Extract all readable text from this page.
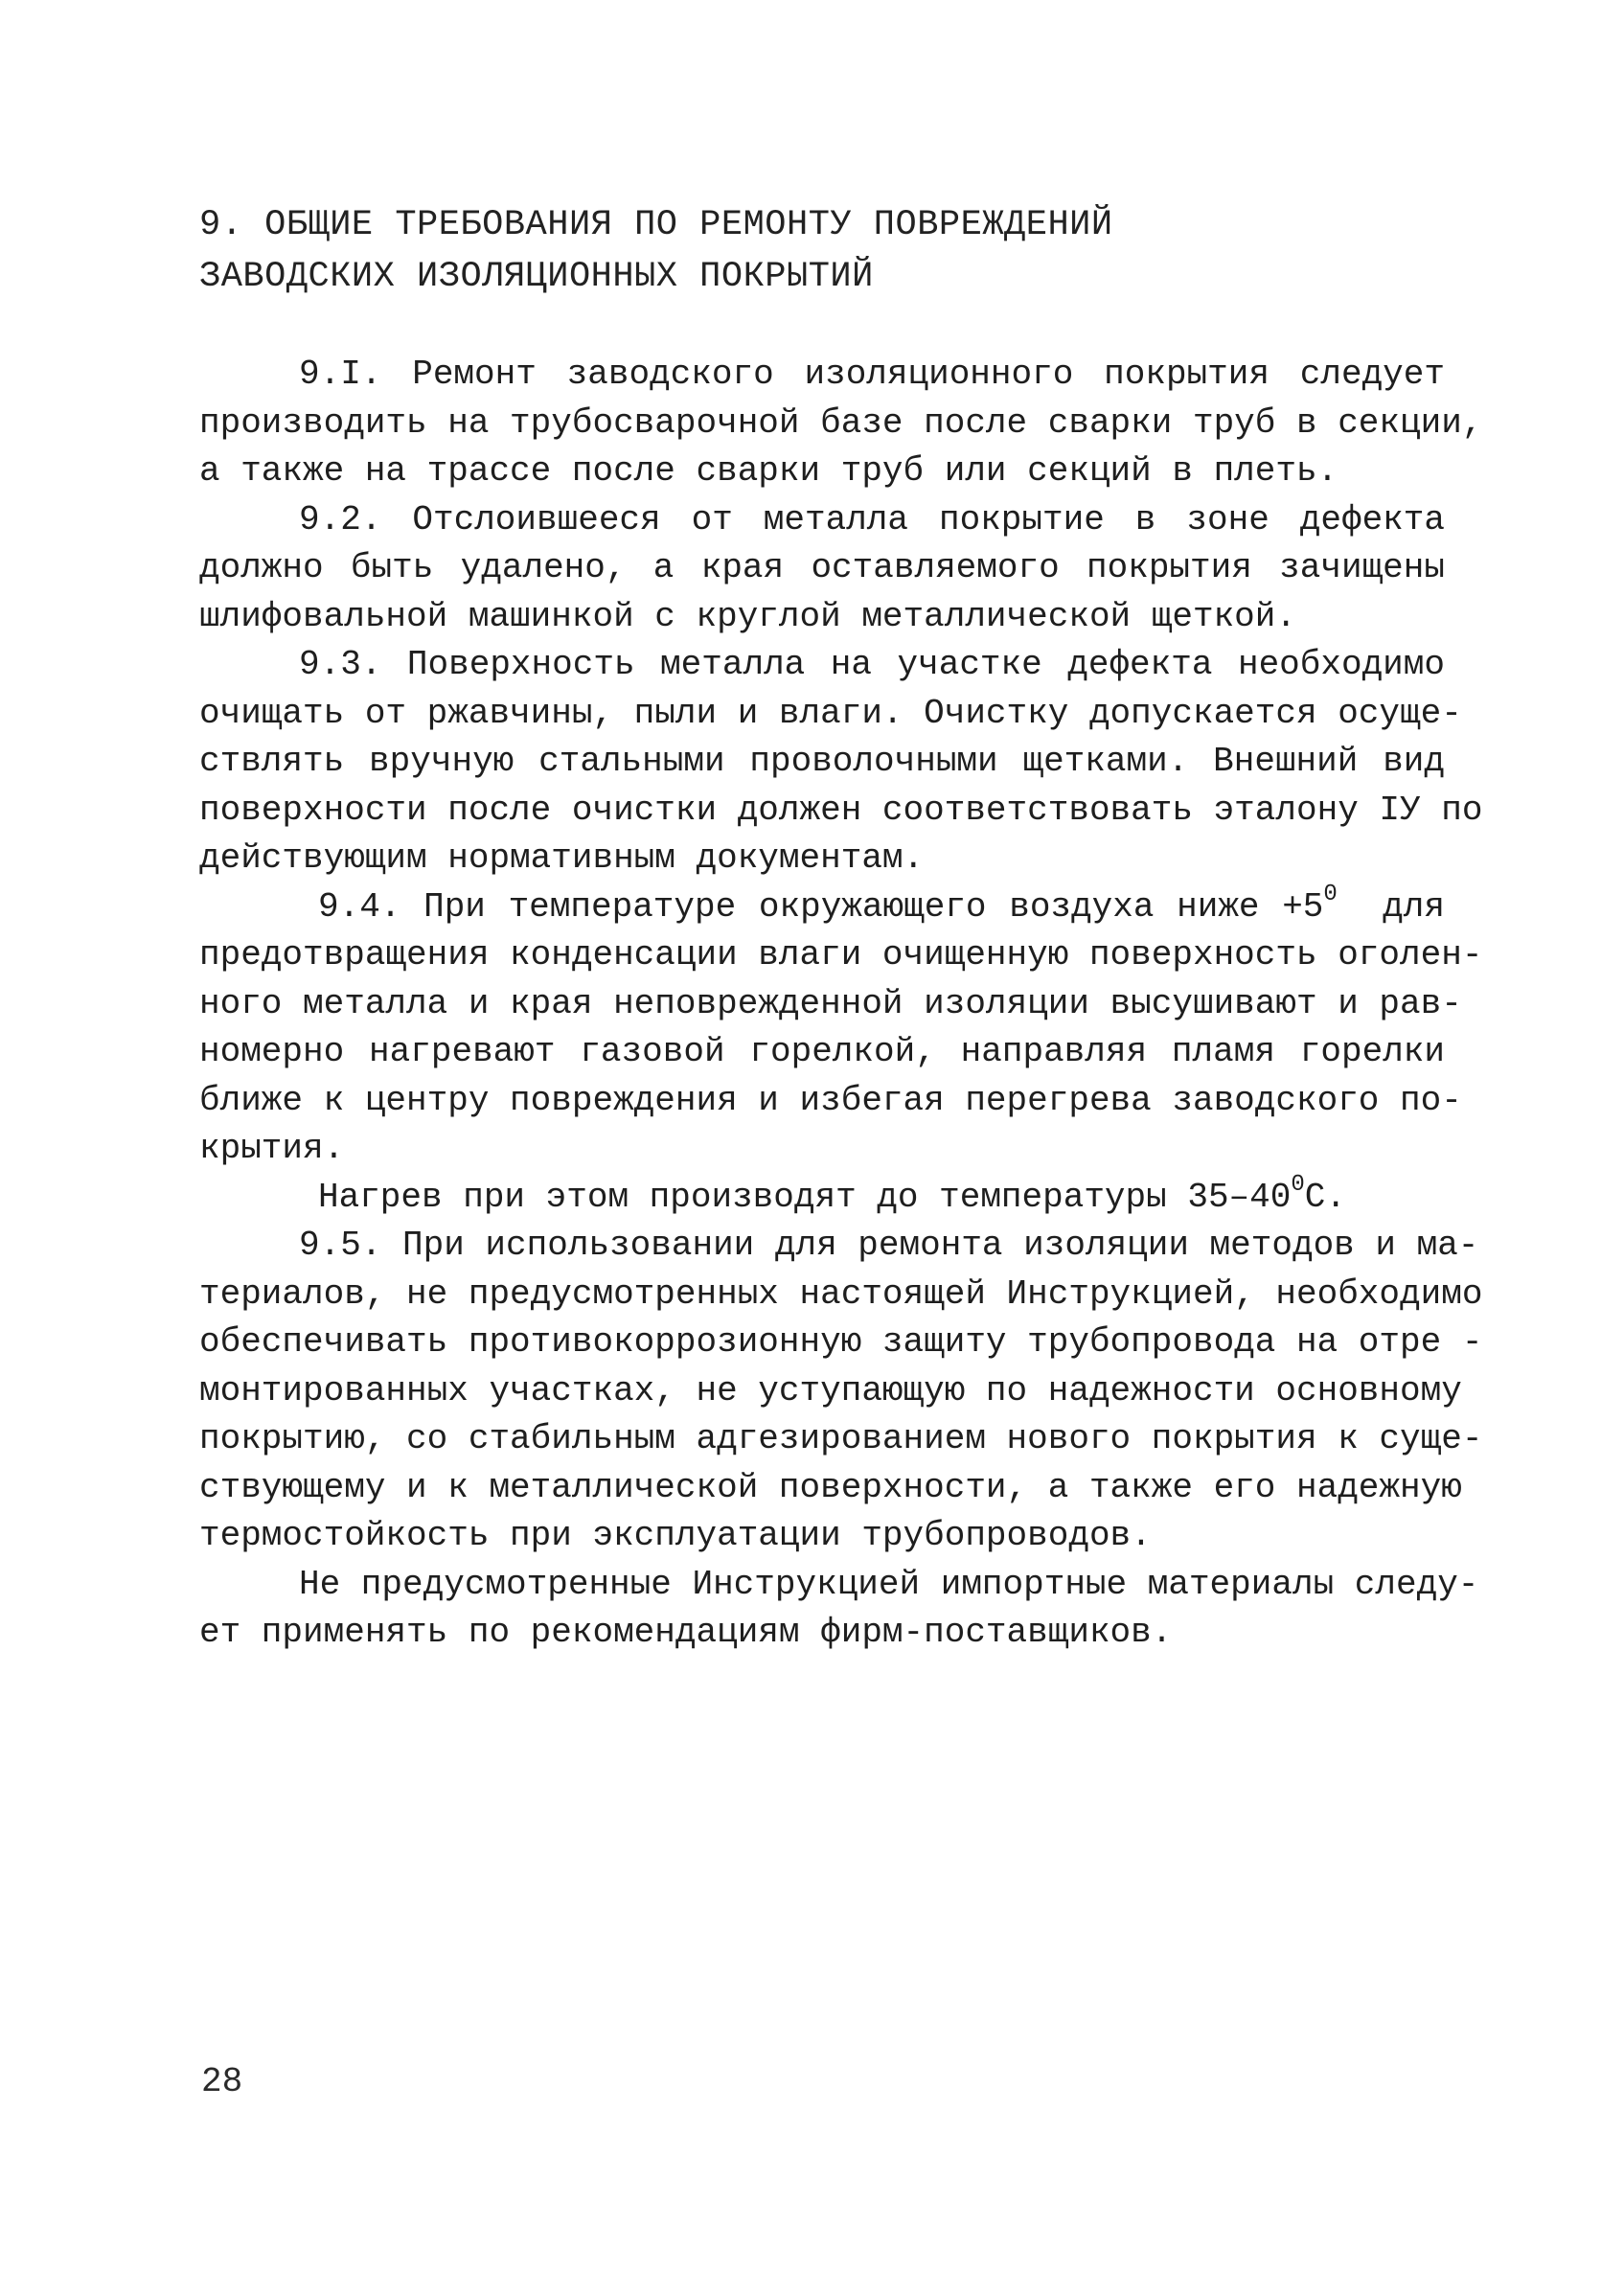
9. ОБЩИЕ ТРЕБОВАНИЯ ПО РЕМОНТУ ПОВРЕЖДЕНИЙ
ЗАВОДСКИХ ИЗОЛЯЦИОННЫХ ПОКРЫТИЙ
9.I. Ремонт заводского изоляционного покрытия следует
производить на трубосварочной базе после сварки труб в секции,
а также на трассе после сварки труб или секций в плеть.
9.2. Отслоившееся от металла покрытие в зоне дефекта
должно быть удалено, а края оставляемого покрытия зачищены
шлифовальной машинкой с круглой металлической щеткой.
9.3. Поверхность металла на участке дефекта необходимо
очищать от ржавчины, пыли и влаги. Очистку допускается осуще-
ствлять вручную стальными проволочными щетками. Внешний вид
поверхности после очистки должен соответствовать эталону IУ по
действующим нормативным документам.
9.4. При температуре окружающего воздуха ниже $+5^0$  для
предотвращения конденсации влаги очищенную поверхность оголен-
ного металла и края неповрежденной изоляции высушивают и рав-
номерно нагревают газовой горелкой, направляя пламя горелки
ближе к центру повреждения и избегая перегрева заводского по-
крытия.
Нагрев при этом производят до температуры $35-40^0С$.
9.5. При использовании для ремонта изоляции методов и ма-
териалов, не предусмотренных настоящей Инструкцией, необходимо
обеспечивать противокоррозионную защиту трубопровода на отре -
монтированных участках, не уступающую по надежности основному
покрытию, со стабильным адгезированием нового покрытия к суще-
ствующему и к металлической поверхности, а также его надежную
термостойкость при эксплуатации трубопроводов.
Не предусмотренные Инструкцией импортные материалы следу-
ет применять по рекомендациям фирм-поставщиков.
28
